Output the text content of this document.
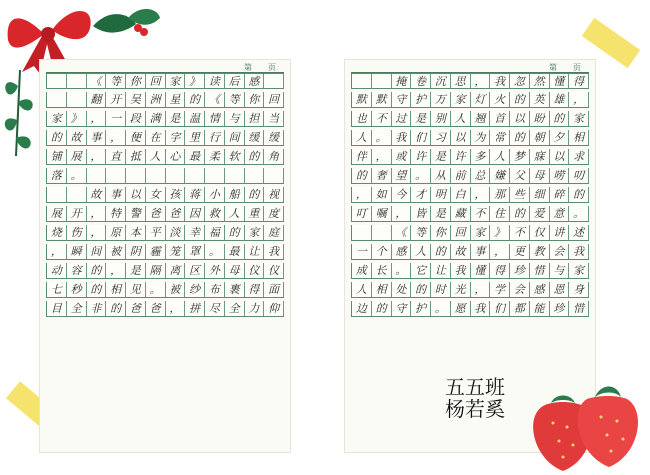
第　　页

《 等 你 回 家 》 读 后 感

翻 开 吴 洲 星 的 《 等 你 回
家 》 ， 一 段 满 是 温 情 与 担 当
的 故 事 ， 便 在 字 里 行 间 缓 缓
铺 展 ， 直 抵 人 心 最 柔 软 的 角
落 。

故 事 以 女 孩 蒋 小 船 的 视
展 开 ， 特 警 爸 爸 因 救 人 重 度
烧 伤 ， 原 本 平 淡 幸 福 的 家 庭
， 瞬 间 被 阴 霾 笼 罩 。 最 让 我
动 容 的 ， 是 隔 离 区 外 母 仪 仪
七 秒 的 相 见 。 被 纱 布 裹 得 面
目 全 非 的 爸 爸 ， 拼 尽 全 力 仰
第　　页

掩 卷 沉 思 ， 我 忽 然 懂 得
默 默 守 护 万 家 灯 火 的 英 雄 ，
也 不 过 是 别 人 翘 首 以 盼 的 家
人 。 我 们 习 以 为 常 的 朝 夕 相
伴 ， 或 许 是 许 多 人 梦 寐 以 求
的 奢 望 。 从 前 总 嫌 父 母 唠 叨
， 如 今 才 明 白 ， 那 些 细 碎 的
叮 嘱 ， 皆 是 藏 不 住 的 爱 意 。

《 等 你 回 家 》 不 仅 讲 述
一 个 感 人 的 故 事 ， 更 教 会 我
成 长 。 它 让 我 懂 得 珍 惜 与 家
人 相 处 的 时 光 ， 学 会 感 恩 身
边 的 守 护 。 愿 我 们 都 能 珍 惜
五五班
杨若奚
